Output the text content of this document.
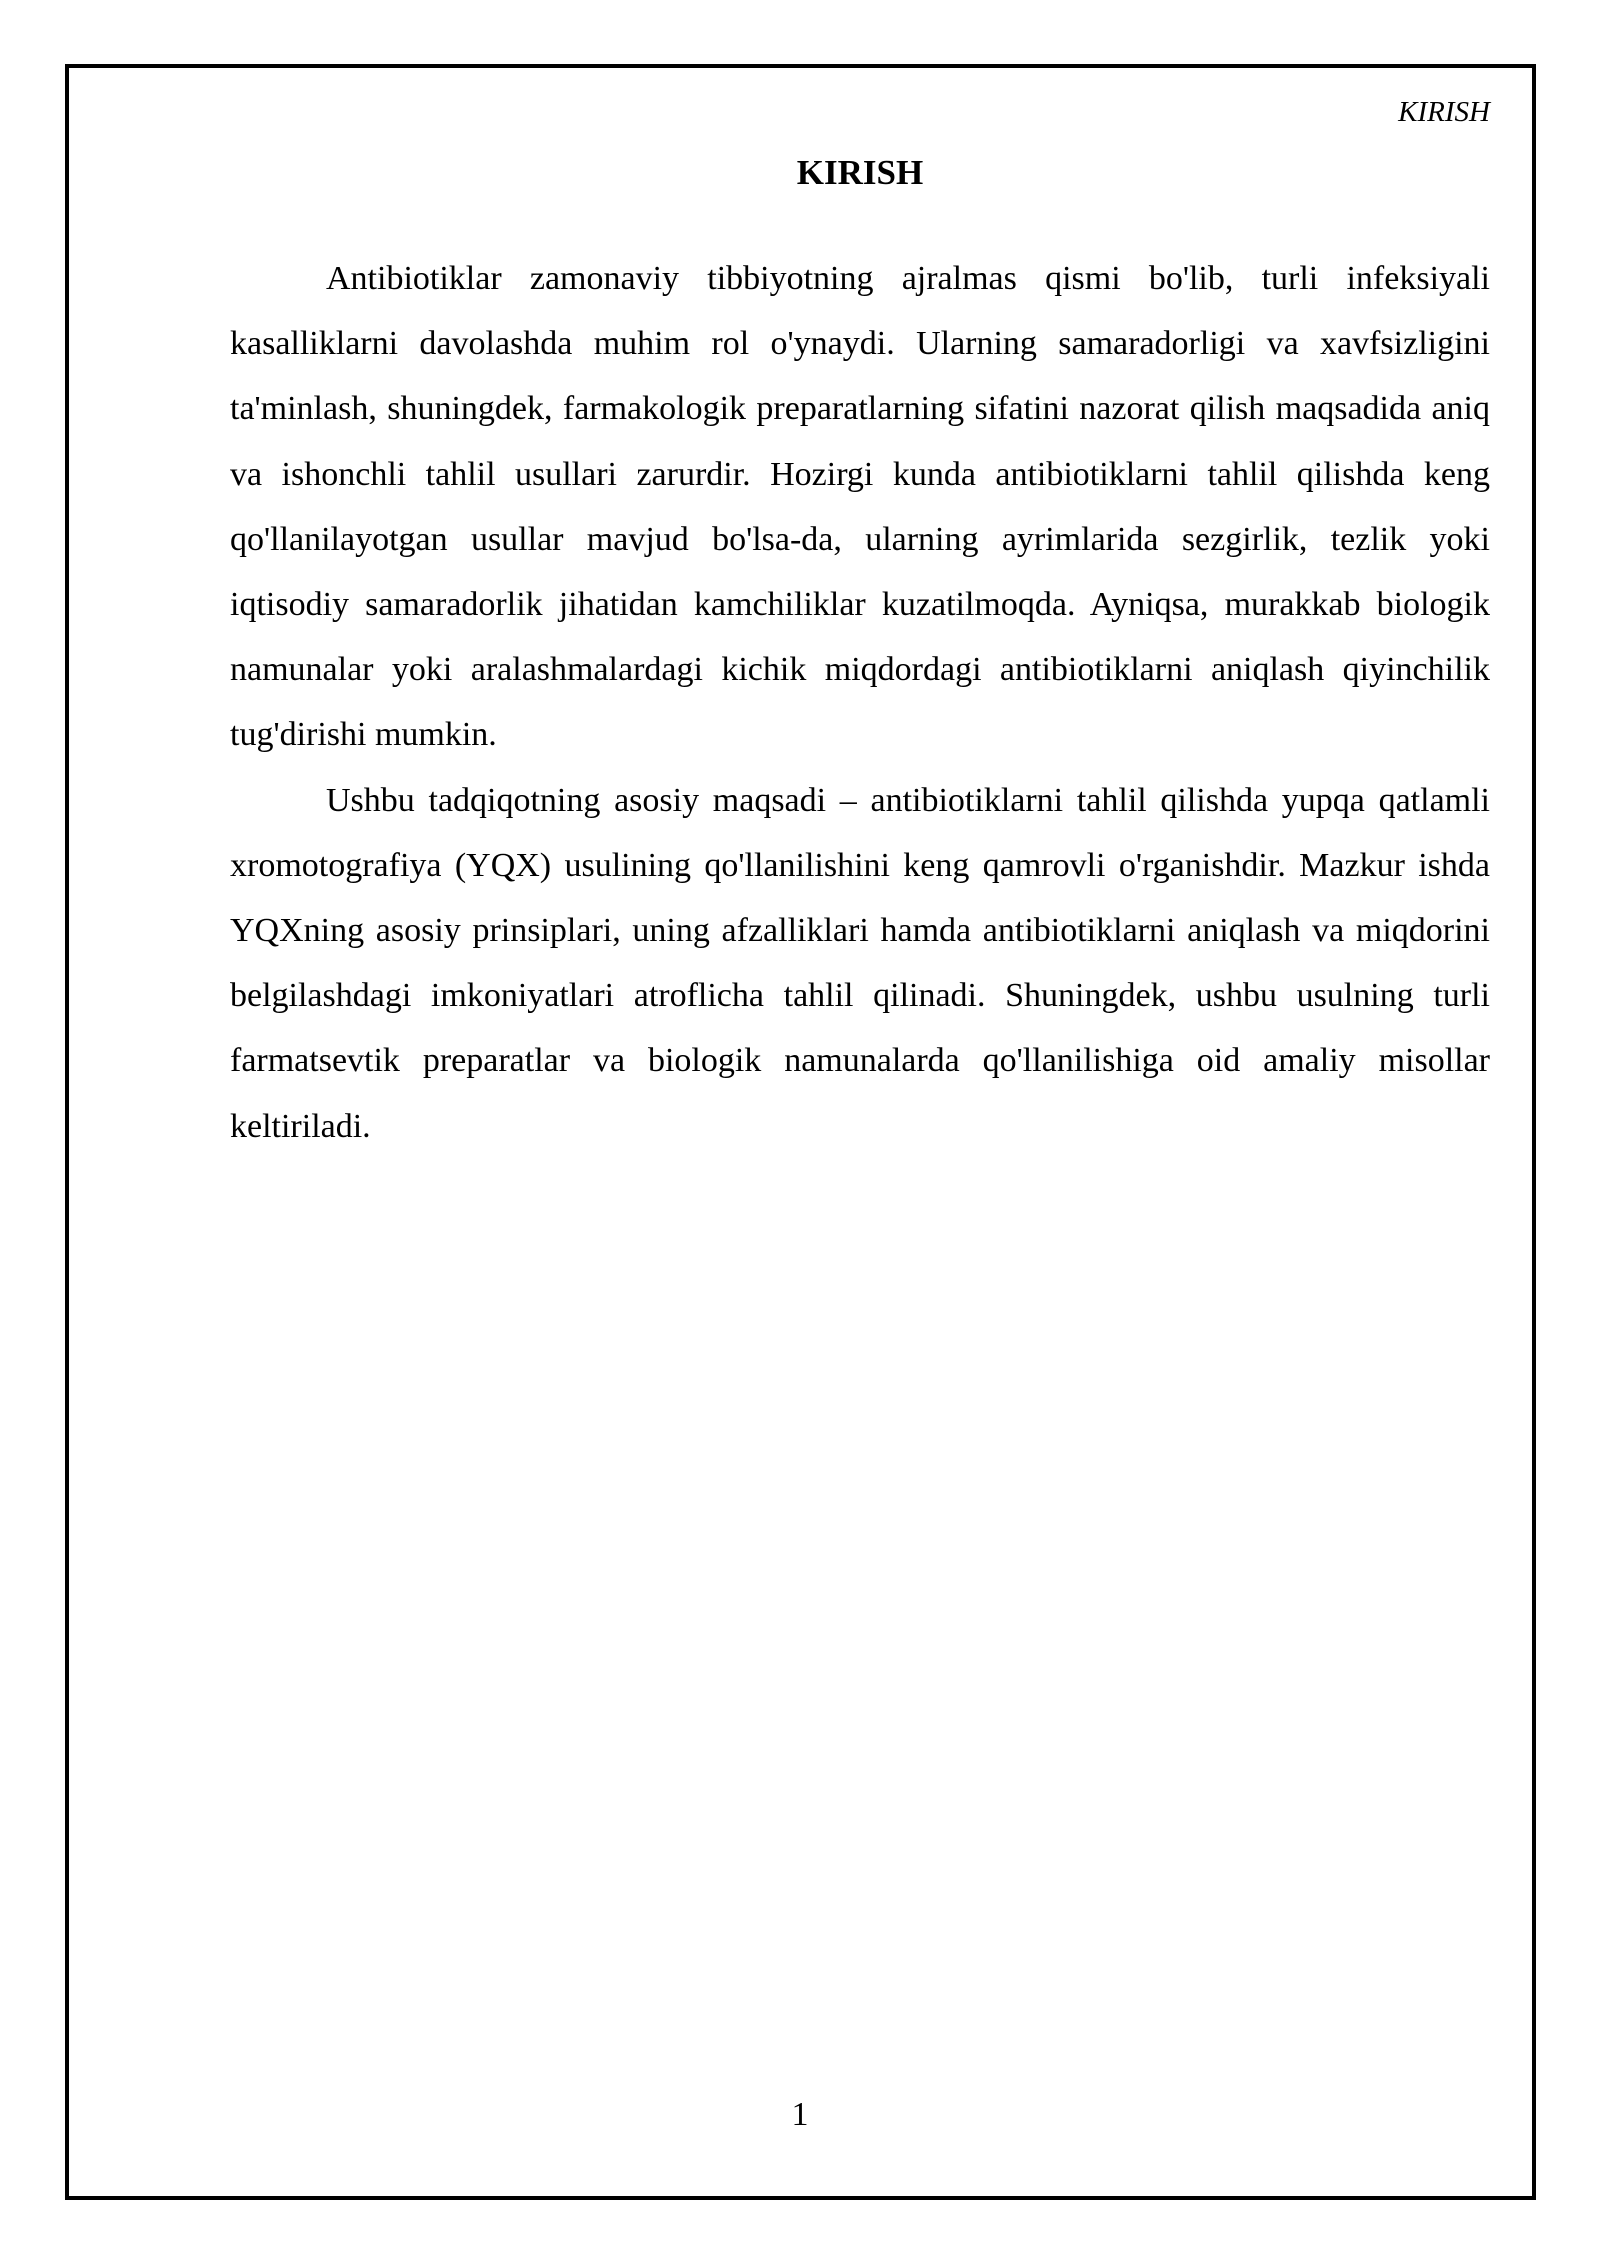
KIRISH
KIRISH

Antibiotiklar zamonaviy tibbiyotning ajralmas qismi bo'lib, turli infeksiyali kasalliklarni davolashda muhim rol o'ynaydi. Ularning samaradorligi va xavfsizligini ta'minlash, shuningdek, farmakologik preparatlarning sifatini nazorat qilish maqsadida aniq va ishonchli tahlil usullari zarurdir. Hozirgi kunda antibiotiklarni tahlil qilishda keng qo'llanilayotgan usullar mavjud bo'lsa-da, ularning ayrimlarida sezgirlik, tezlik yoki iqtisodiy samaradorlik jihatidan kamchiliklar kuzatilmoqda. Ayniqsa, murakkab biologik namunalar yoki aralashmalardagi kichik miqdordagi antibiotiklarni aniqlash qiyinchilik tug'dirishi mumkin.

Ushbu tadqiqotning asosiy maqsadi – antibiotiklarni tahlil qilishda yupqa qatlamli xromotografiya (YQX) usulining qo'llanilishini keng qamrovli o'rganishdir. Mazkur ishda YQXning asosiy prinsiplari, uning afzalliklari hamda antibiotiklarni aniqlash va miqdorini belgilashdagi imkoniyatlari atroflicha tahlil qilinadi. Shuningdek, ushbu usulning turli farmatsevtik preparatlar va biologik namunalarda qo'llanilishiga oid amaliy misollar keltiriladi.

1
